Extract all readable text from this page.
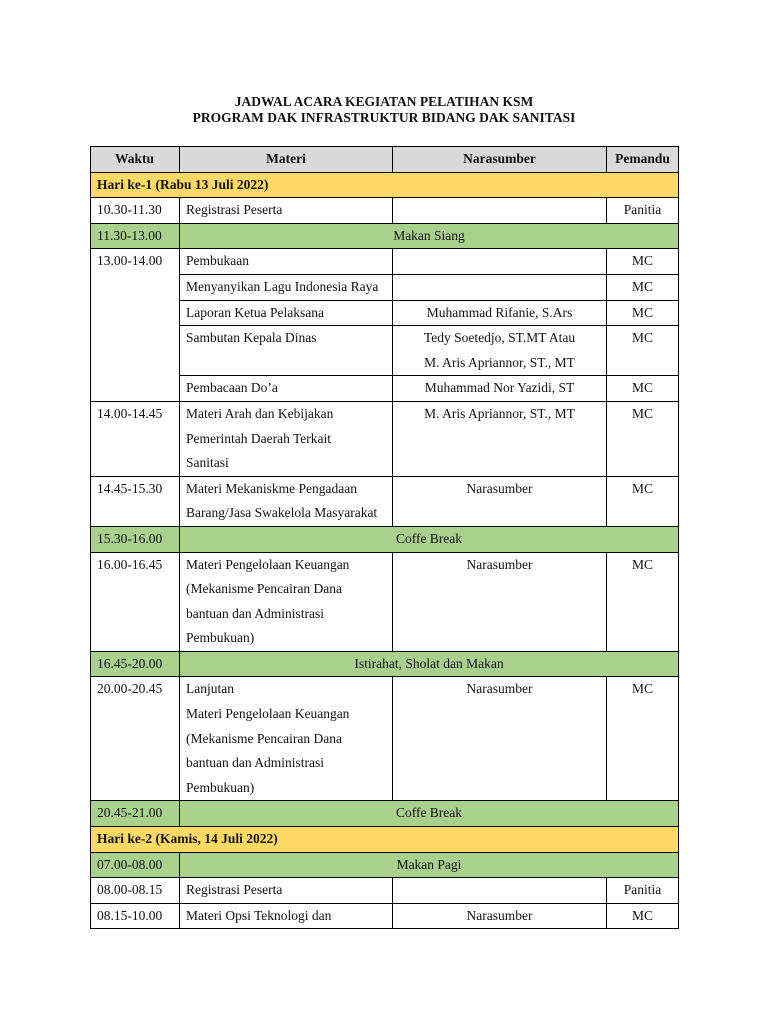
JADWAL ACARA KEGIATAN PELATIHAN KSM
PROGRAM DAK INFRASTRUKTUR BIDANG DAK SANITASI
Waktu	Materi	Narasumber	Pemandu
Hari ke-1 (Rabu 13 Juli 2022)			
10.30-11.30	Registrasi Peserta		Panitia
11.30-13.00	Makan Siang		
13.00-14.00	Pembukaan		MC
	Menyanyikan Lagu Indonesia Raya		MC
	Laporan Ketua Pelaksana	Muhammad Rifanie, S.Ars	MC
	Sambutan Kepala Dinas	Tedy Soetedjo, ST.MT Atau
M. Aris Apriannor, ST., MT	MC
	Pembacaan Do’a	Muhammad Nor Yazidi, ST	MC
14.00-14.45	Materi Arah dan Kebijakan
Pemerintah Daerah Terkait
Sanitasi	M. Aris Apriannor, ST., MT	MC
14.45-15.30	Materi Mekaniskme Pengadaan
Barang/Jasa Swakelola Masyarakat	Narasumber	MC
15.30-16.00	Coffe Break		
16.00-16.45	Materi Pengelolaan Keuangan
(Mekanisme Pencairan Dana
bantuan dan Administrasi
Pembukuan)	Narasumber	MC
16.45-20.00	Istirahat, Sholat dan Makan		
20.00-20.45	Lanjutan
Materi Pengelolaan Keuangan
(Mekanisme Pencairan Dana
bantuan dan Administrasi
Pembukuan)	Narasumber	MC
20.45-21.00	Coffe Break		
Hari ke-2 (Kamis, 14 Juli 2022)			
07.00-08.00	Makan Pagi		
08.00-08.15	Registrasi Peserta		Panitia
08.15-10.00	Materi Opsi Teknologi dan	Narasumber	MC
